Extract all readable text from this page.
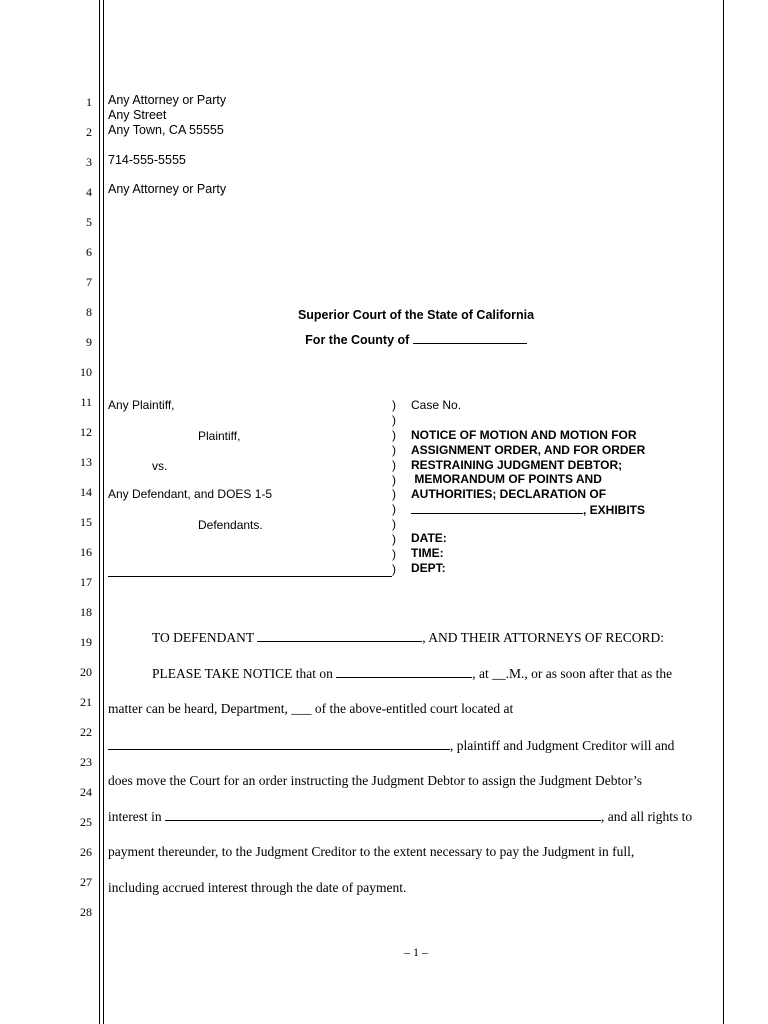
1
2
3
4
5
6
7
8
9
10
11
12
13
14
15
16
17
18
19
20
21
22
23
24
25
26
27
28
Any Attorney or Party
Any Street
Any Town, CA 55555
714-555-5555
Any Attorney or Party
Superior Court of the State of California
For the County of
Any Plaintiff,
Plaintiff,
vs.
Any Defendant, and DOES 1-5
Defendants.
)
)
)
)
)
)
)
)
)
)
)
)
Case No.
NOTICE OF MOTION AND MOTION FOR
ASSIGNMENT ORDER, AND FOR ORDER
RESTRAINING JUDGMENT DEBTOR;
MEMORANDUM OF POINTS AND
AUTHORITIES; DECLARATION OF
, EXHIBITS
DATE:
TIME:
DEPT:
TO DEFENDANT	, AND THEIR ATTORNEYS OF RECORD:
PLEASE TAKE NOTICE that on	, at __.M., or as soon after that as the
matter can be heard, Department, ___ of the above-entitled court located at
, plaintiff and Judgment Creditor will and
does move the Court for an order instructing the Judgment Debtor to assign the Judgment Debtor’s
interest in	, and all rights to
payment thereunder, to the Judgment Creditor to the extent necessary to pay the Judgment in full,
including accrued interest through the date of payment.
– 1 –
